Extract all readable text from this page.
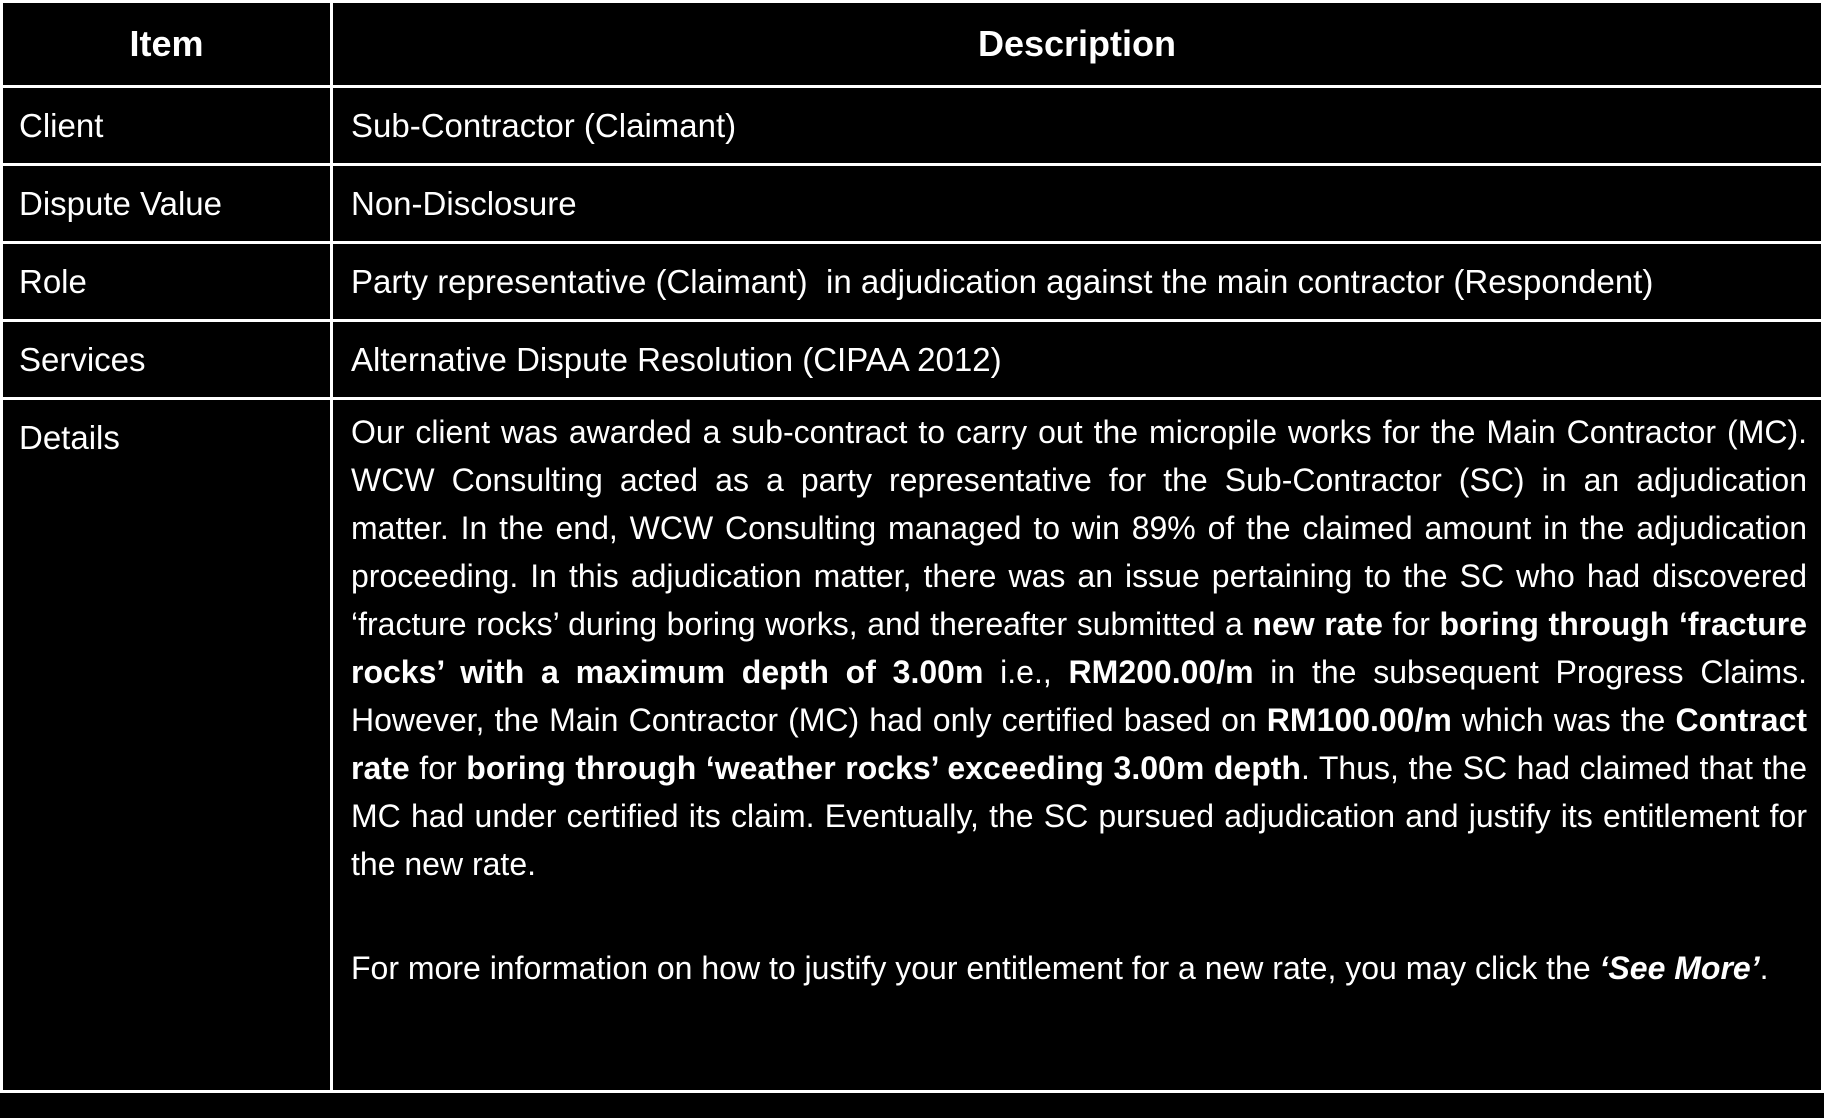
Item	Description

Client	Sub-Contractor (Claimant)

Dispute Value	Non-Disclosure

Role	Party representative (Claimant)  in adjudication against the main contractor (Respondent)

Services	Alternative Dispute Resolution (CIPAA 2012)

Details	Our client was awarded a sub-contract to carry out the micropile works for the Main Contractor (MC). WCW Consulting acted as a party representative for the Sub-Contractor (SC) in an adjudication matter. In the end, WCW Consulting managed to win 89% of the claimed amount in the adjudication proceeding. In this adjudication matter, there was an issue pertaining to the SC who had discovered ‘fracture rocks’ during boring works, and thereafter submitted a new rate for boring through ‘fracture rocks’ with a maximum depth of 3.00m i.e., RM200.00/m in the subsequent Progress Claims. However, the Main Contractor (MC) had only certified based on RM100.00/m which was the Contract rate for boring through ‘weather rocks’ exceeding 3.00m depth. Thus, the SC had claimed that the MC had under certified its claim. Eventually, the SC pursued adjudication and justify its entitlement for the new rate.

For more information on how to justify your entitlement for a new rate, you may click the ‘See More’.
